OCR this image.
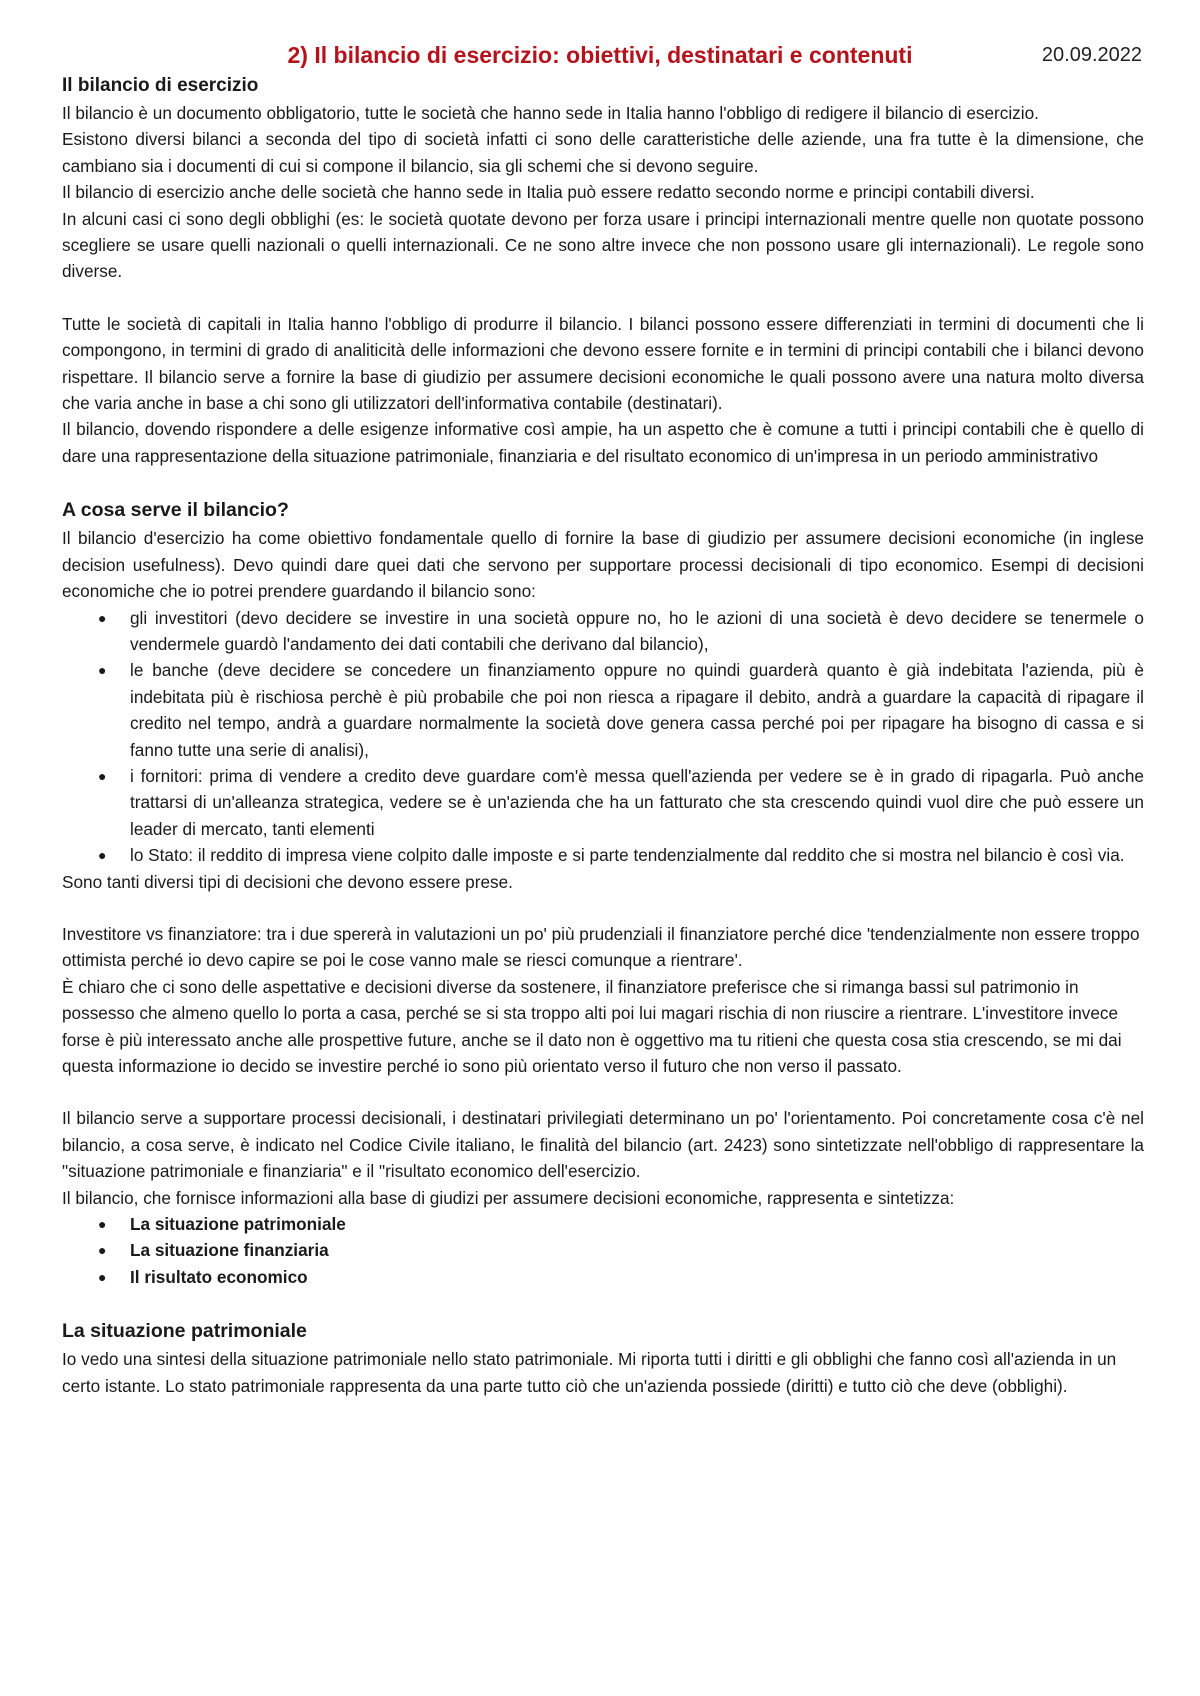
2) Il bilancio di esercizio: obiettivi, destinatari e contenuti	20.09.2022
Il bilancio di esercizio

Il bilancio è un documento obbligatorio, tutte le società che hanno sede in Italia hanno l'obbligo di redigere il bilancio di esercizio.

Esistono diversi bilanci a seconda del tipo di società infatti ci sono delle caratteristiche delle aziende, una fra tutte è la dimensione, che cambiano sia i documenti di cui si compone il bilancio, sia gli schemi che si devono seguire.

Il bilancio di esercizio anche delle società che hanno sede in Italia può essere redatto secondo norme e principi contabili diversi.

In alcuni casi ci sono degli obblighi (es: le società quotate devono per forza usare i principi internazionali mentre quelle non quotate possono scegliere se usare quelli nazionali o quelli internazionali. Ce ne sono altre invece che non possono usare gli internazionali). Le regole sono diverse.

Tutte le società di capitali in Italia hanno l'obbligo di produrre il bilancio. I bilanci possono essere differenziati in termini di documenti che li compongono, in termini di grado di analiticità delle informazioni che devono essere fornite e in termini di principi contabili che i bilanci devono rispettare. Il bilancio serve a fornire la base di giudizio per assumere decisioni economiche le quali possono avere una natura molto diversa che varia anche in base a chi sono gli utilizzatori dell'informativa contabile (destinatari).

Il bilancio, dovendo rispondere a delle esigenze informative così ampie, ha un aspetto che è comune a tutti i principi contabili che è quello di dare una rappresentazione della situazione patrimoniale, finanziaria e del risultato economico di un'impresa in un periodo amministrativo

A cosa serve il bilancio?

Il bilancio d'esercizio ha come obiettivo fondamentale quello di fornire la base di giudizio per assumere decisioni economiche (in inglese decision usefulness). Devo quindi dare quei dati che servono per supportare processi decisionali di tipo economico. Esempi di decisioni economiche che io potrei prendere guardando il bilancio sono:

● gli investitori (devo decidere se investire in una società oppure no, ho le azioni di una società è devo decidere se tenermele o vendermele guardò l'andamento dei dati contabili che derivano dal bilancio),
● le banche (deve decidere se concedere un finanziamento oppure no quindi guarderà quanto è già indebitata l'azienda, più è indebitata più è rischiosa perchè è più probabile che poi non riesca a ripagare il debito, andrà a guardare la capacità di ripagare il credito nel tempo, andrà a guardare normalmente la società dove genera cassa perché poi per ripagare ha bisogno di cassa e si fanno tutte una serie di analisi),
● i fornitori: prima di vendere a credito deve guardare com'è messa quell'azienda per vedere se è in grado di ripagarla. Può anche trattarsi di un'alleanza strategica, vedere se è un'azienda che ha un fatturato che sta crescendo quindi vuol dire che può essere un leader di mercato, tanti elementi
● lo Stato: il reddito di impresa viene colpito dalle imposte e si parte tendenzialmente dal reddito che si mostra nel bilancio è così via.

Sono tanti diversi tipi di decisioni che devono essere prese.

Investitore vs finanziatore: tra i due spererà in valutazioni un po' più prudenziali il finanziatore perché dice 'tendenzialmente non essere troppo ottimista perché io devo capire se poi le cose vanno male se riesci comunque a rientrare'.

È chiaro che ci sono delle aspettative e decisioni diverse da sostenere, il finanziatore preferisce che si rimanga bassi sul patrimonio in possesso che almeno quello lo porta a casa, perché se si sta troppo alti poi lui magari rischia di non riuscire a rientrare. L'investitore invece forse è più interessato anche alle prospettive future, anche se il dato non è oggettivo ma tu ritieni che questa cosa stia crescendo, se mi dai questa informazione io decido se investire perché io sono più orientato verso il futuro che non verso il passato.

Il bilancio serve a supportare processi decisionali, i destinatari privilegiati determinano un po' l'orientamento. Poi concretamente cosa c'è nel bilancio, a cosa serve, è indicato nel Codice Civile italiano, le finalità del bilancio (art. 2423) sono sintetizzate nell'obbligo di rappresentare la "situazione patrimoniale e finanziaria" e il "risultato economico dell'esercizio.

Il bilancio, che fornisce informazioni alla base di giudizi per assumere decisioni economiche, rappresenta e sintetizza:

● La situazione patrimoniale
● La situazione finanziaria
● Il risultato economico
La situazione patrimoniale

Io vedo una sintesi della situazione patrimoniale nello stato patrimoniale. Mi riporta tutti i diritti e gli obblighi che fanno così all'azienda in un certo istante. Lo stato patrimoniale rappresenta da una parte tutto ciò che un'azienda possiede (diritti) e tutto ciò che deve (obblighi).
